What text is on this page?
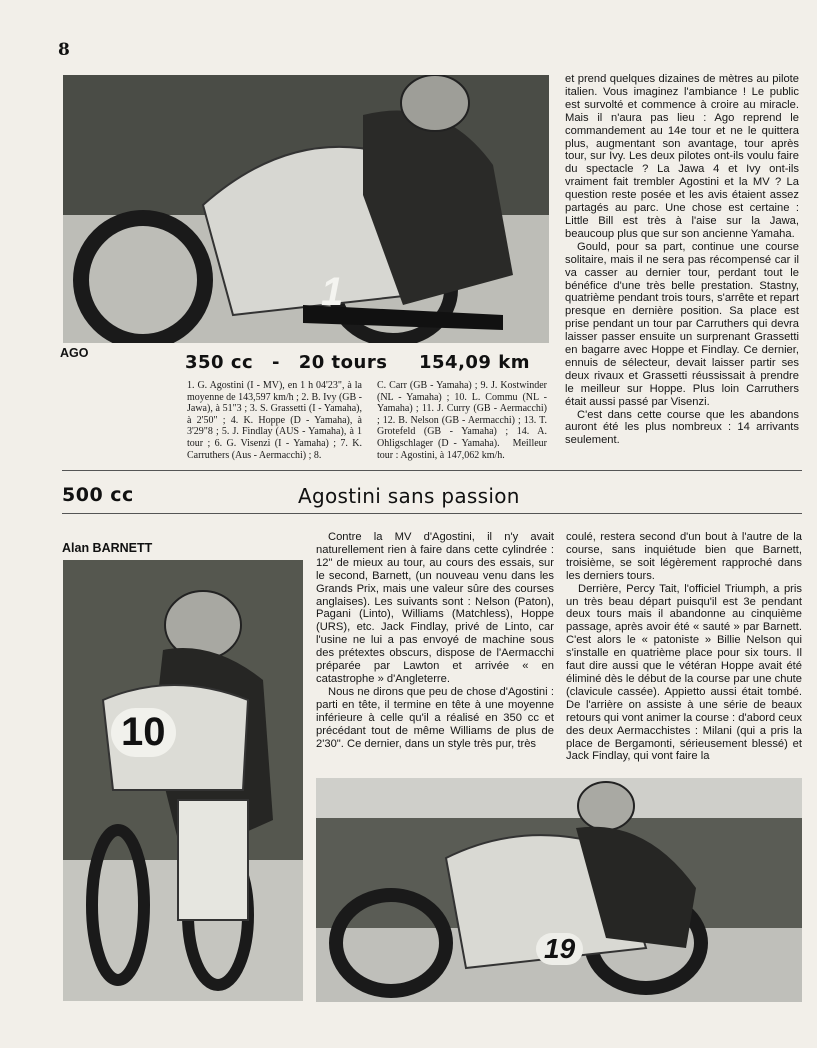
8
1
AGO	350 cc - 20 tours 154,09 km
1. G. Agostini (I - MV), en 1 h 04'23", à la moyenne de 143,597 km/h ; 2. B. Ivy (GB - Jawa), à 51"3 ; 3. S. Grassetti (I - Yamaha), à 2'50" ; 4. K. Hoppe (D - Yamaha), à 3'29"8 ; 5. J. Findlay (AUS - Yamaha), à 1 tour ; 6. G. Visenzi (I - Yamaha) ; 7. K. Carruthers (Aus - Aermacchi) ; 8.
C. Carr (GB - Yamaha) ; 9. J. Kostwinder (NL - Yamaha) ; 10. L. Commu (NL - Yamaha) ; 11. J. Curry (GB - Aermacchi) ; 12. B. Nelson (GB - Aermacchi) ; 13. T. Grotefeld (GB - Yamaha) ; 14. A. Ohligschlager (D - Yamaha). Meilleur tour : Agostini, à 147,062 km/h.

et prend quelques dizaines de mètres au pilote italien. Vous imaginez l'ambiance ! Le public est survolté et commence à croire au miracle. Mais il n'aura pas lieu : Ago reprend le commandement au 14e tour et ne le quittera plus, augmentant son avantage, tour après tour, sur Ivy. Les deux pilotes ont-ils voulu faire du spectacle ? La Jawa 4 et Ivy ont-ils vraiment fait trembler Agostini et la MV ? La question reste posée et les avis étaient assez partagés au parc. Une chose est certaine : Little Bill est très à l'aise sur la Jawa, beaucoup plus que sur son ancienne Yamaha.

Gould, pour sa part, continue une course solitaire, mais il ne sera pas récompensé car il va casser au dernier tour, perdant tout le bénéfice d'une très belle prestation. Stastny, quatrième pendant trois tours, s'arrête et repart presque en dernière position. Sa place est prise pendant un tour par Carruthers qui devra laisser passer ensuite un surprenant Grassetti en bagarre avec Hoppe et Findlay. Ce dernier, ennuis de sélecteur, devait laisser partir ses deux rivaux et Grassetti réussissait à prendre le meilleur sur Hoppe. Plus loin Carruthers était aussi passé par Visenzi.

C'est dans cette course que les abandons auront été les plus nombreux : 14 arrivants seulement.

500 cc	Agostini sans passion
Alan BARNETT
10

Contre la MV d'Agostini, il n'y avait naturellement rien à faire dans cette cylindrée : 12" de mieux au tour, au cours des essais, sur le second, Barnett, (un nouveau venu dans les Grands Prix, mais une valeur sûre des courses anglaises). Les suivants sont : Nelson (Paton), Pagani (Linto), Williams (Matchless), Hoppe (URS), etc. Jack Findlay, privé de Linto, car l'usine ne lui a pas envoyé de machine sous des prétextes obscurs, dispose de l'Aermacchi préparée par Lawton et arrivée « en catastrophe » d'Angleterre.

Nous ne dirons que peu de chose d'Agostini : parti en tête, il termine en tête à une moyenne inférieure à celle qu'il a réalisé en 350 cc et précédant tout de même Williams de plus de 2'30". Ce dernier, dans un style très pur, très

coulé, restera second d'un bout à l'autre de la course, sans inquiétude bien que Barnett, troisième, se soit légèrement rapproché dans les derniers tours.

Derrière, Percy Tait, l'officiel Triumph, a pris un très beau départ puisqu'il est 3e pendant deux tours mais il abandonne au cinquième passage, après avoir été « sauté » par Barnett. C'est alors le « patoniste » Billie Nelson qui s'installe en quatrième place pour six tours. Il faut dire aussi que le vétéran Hoppe avait été éliminé dès le début de la course par une chute (clavicule cassée). Appietto aussi était tombé. De l'arrière on assiste à une série de beaux retours qui vont animer la course : d'abord ceux des deux Aermacchistes : Milani (qui a pris la place de Bergamonti, sérieusement blessé) et Jack Findlay, qui vont faire la

19
